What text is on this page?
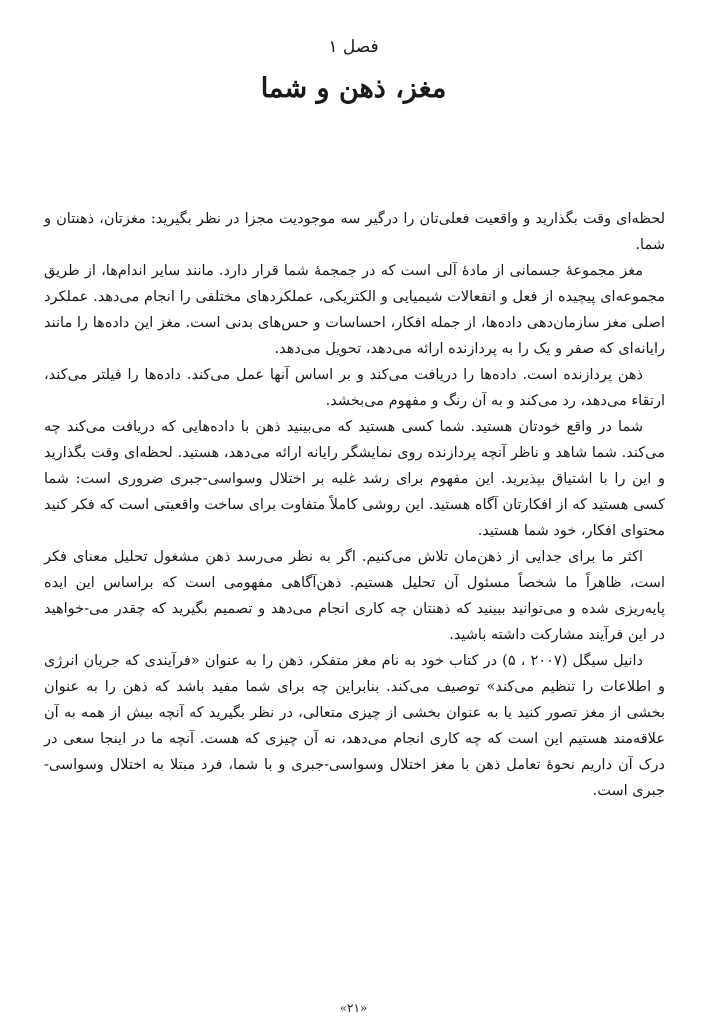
فصل ۱
مغز، ذهن و شما

لحظه‌ای وقت بگذارید و واقعیت فعلی‌تان را درگیر سه موجودیت مجزا در نظر بگیرید: مغزتان، ذهنتان و شما.

مغز مجموعهٔ جسمانی از مادهٔ آلی است که در جمجمهٔ شما قرار دارد. مانند سایر اندام‌ها، از طریق مجموعه‌ای پیچیده از فعل و انفعالات شیمیایی و الکتریکی، عملکردهای مختلفی را انجام می‌دهد. عملکرد اصلی مغز سازمان‌دهی داده‌ها، از جمله افکار، احساسات و حس‌های بدنی است. مغز این داده‌ها را مانند رایانه‌ای که صفر و یک را به پردازنده ارائه می‌دهد، تحویل می‌دهد.

ذهن پردازنده است. داده‌ها را دریافت می‌کند و بر اساس آنها عمل می‌کند. داده‌ها را فیلتر می‌کند، ارتقاء می‌دهد، رد می‌کند و به آن رنگ و مفهوم می‌بخشد.

شما در واقع خودتان هستید. شما کسی هستید که می‌بینید ذهن با داده‌هایی که دریافت می‌کند چه می‌کند. شما شاهد و ناظر آنچه پردازنده روی نمایشگر رایانه ارائه می‌دهد، هستید. لحظه‌ای وقت بگذارید و این را با اشتیاق بپذیرید. این مفهوم برای رشد غلبه بر اختلال وسواسی-جبری ضروری است: شما کسی هستید که از افکارتان آگاه هستید. این روشی کاملاً متفاوت برای ساخت واقعیتی است که فکر کنید محتوای افکار، خود شما هستید.

اکثر ما برای جدایی از ذهن‌مان تلاش می‌کنیم. اگر به نظر می‌رسد ذهن مشغول تحلیل معنای فکر است، ظاهراً ما شخصاً مسئول آن تحلیل هستیم. ذهن‌آگاهی مفهومی است که براساس این ایده پایه‌ریزی شده و می‌توانید ببینید که ذهنتان چه کاری انجام می‌دهد و تصمیم بگیرید که چقدر می-خواهید در این فرآیند مشارکت داشته باشید.

دانیل سیگل (۲۰۰۷ ، ۵) در کتاب خود به نام مغز متفکر، ذهن را به عنوان «فرآیندی که جریان انرژی و اطلاعات را تنظیم می‌کند» توصیف می‌کند. بنابراین چه برای شما مفید باشد که ذهن را به عنوان بخشی از مغز تصور کنید یا به عنوان بخشی از چیزی متعالی، در نظر بگیرید که آنچه بیش از همه به آن علاقه‌مند هستیم این است که چه کاری انجام می‌دهد، نه آن چیزی که هست. آنچه ما در اینجا سعی در درک آن داریم نحوهٔ تعامل ذهن با مغز اختلال وسواسی-جبری و با شما، فرد مبتلا به اختلال وسواسی-جبری است.

«۲۱»
